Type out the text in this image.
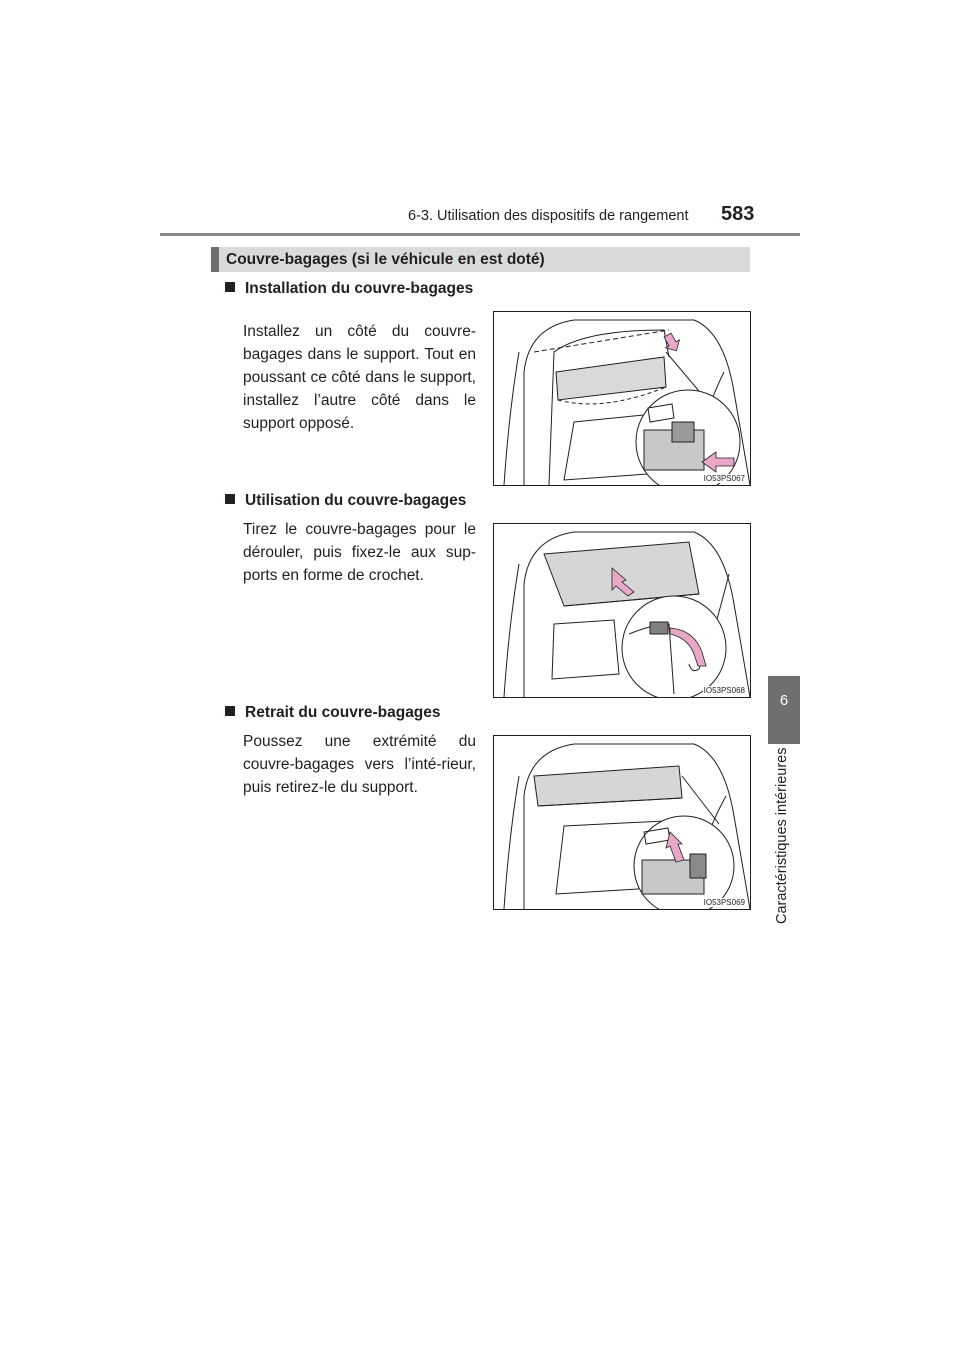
6-3. Utilisation des dispositifs de rangement 583
6
Caractéristiques intérieures
Couvre-bagages (si le véhicule en est doté)
Installation du couvre-bagages
Installez un côté du couvre-bagages dans le support. Tout en poussant ce côté dans le support, installez l’autre côté dans le support opposé.
IO53PS067
Utilisation du couvre-bagages
Tirez le couvre-bagages pour le dérouler, puis fixez-le aux sup-ports en forme de crochet.
IO53PS068
Retrait du couvre-bagages
Poussez une extrémité du couvre-bagages vers l’inté-rieur, puis retirez-le du support.
IO53PS069
